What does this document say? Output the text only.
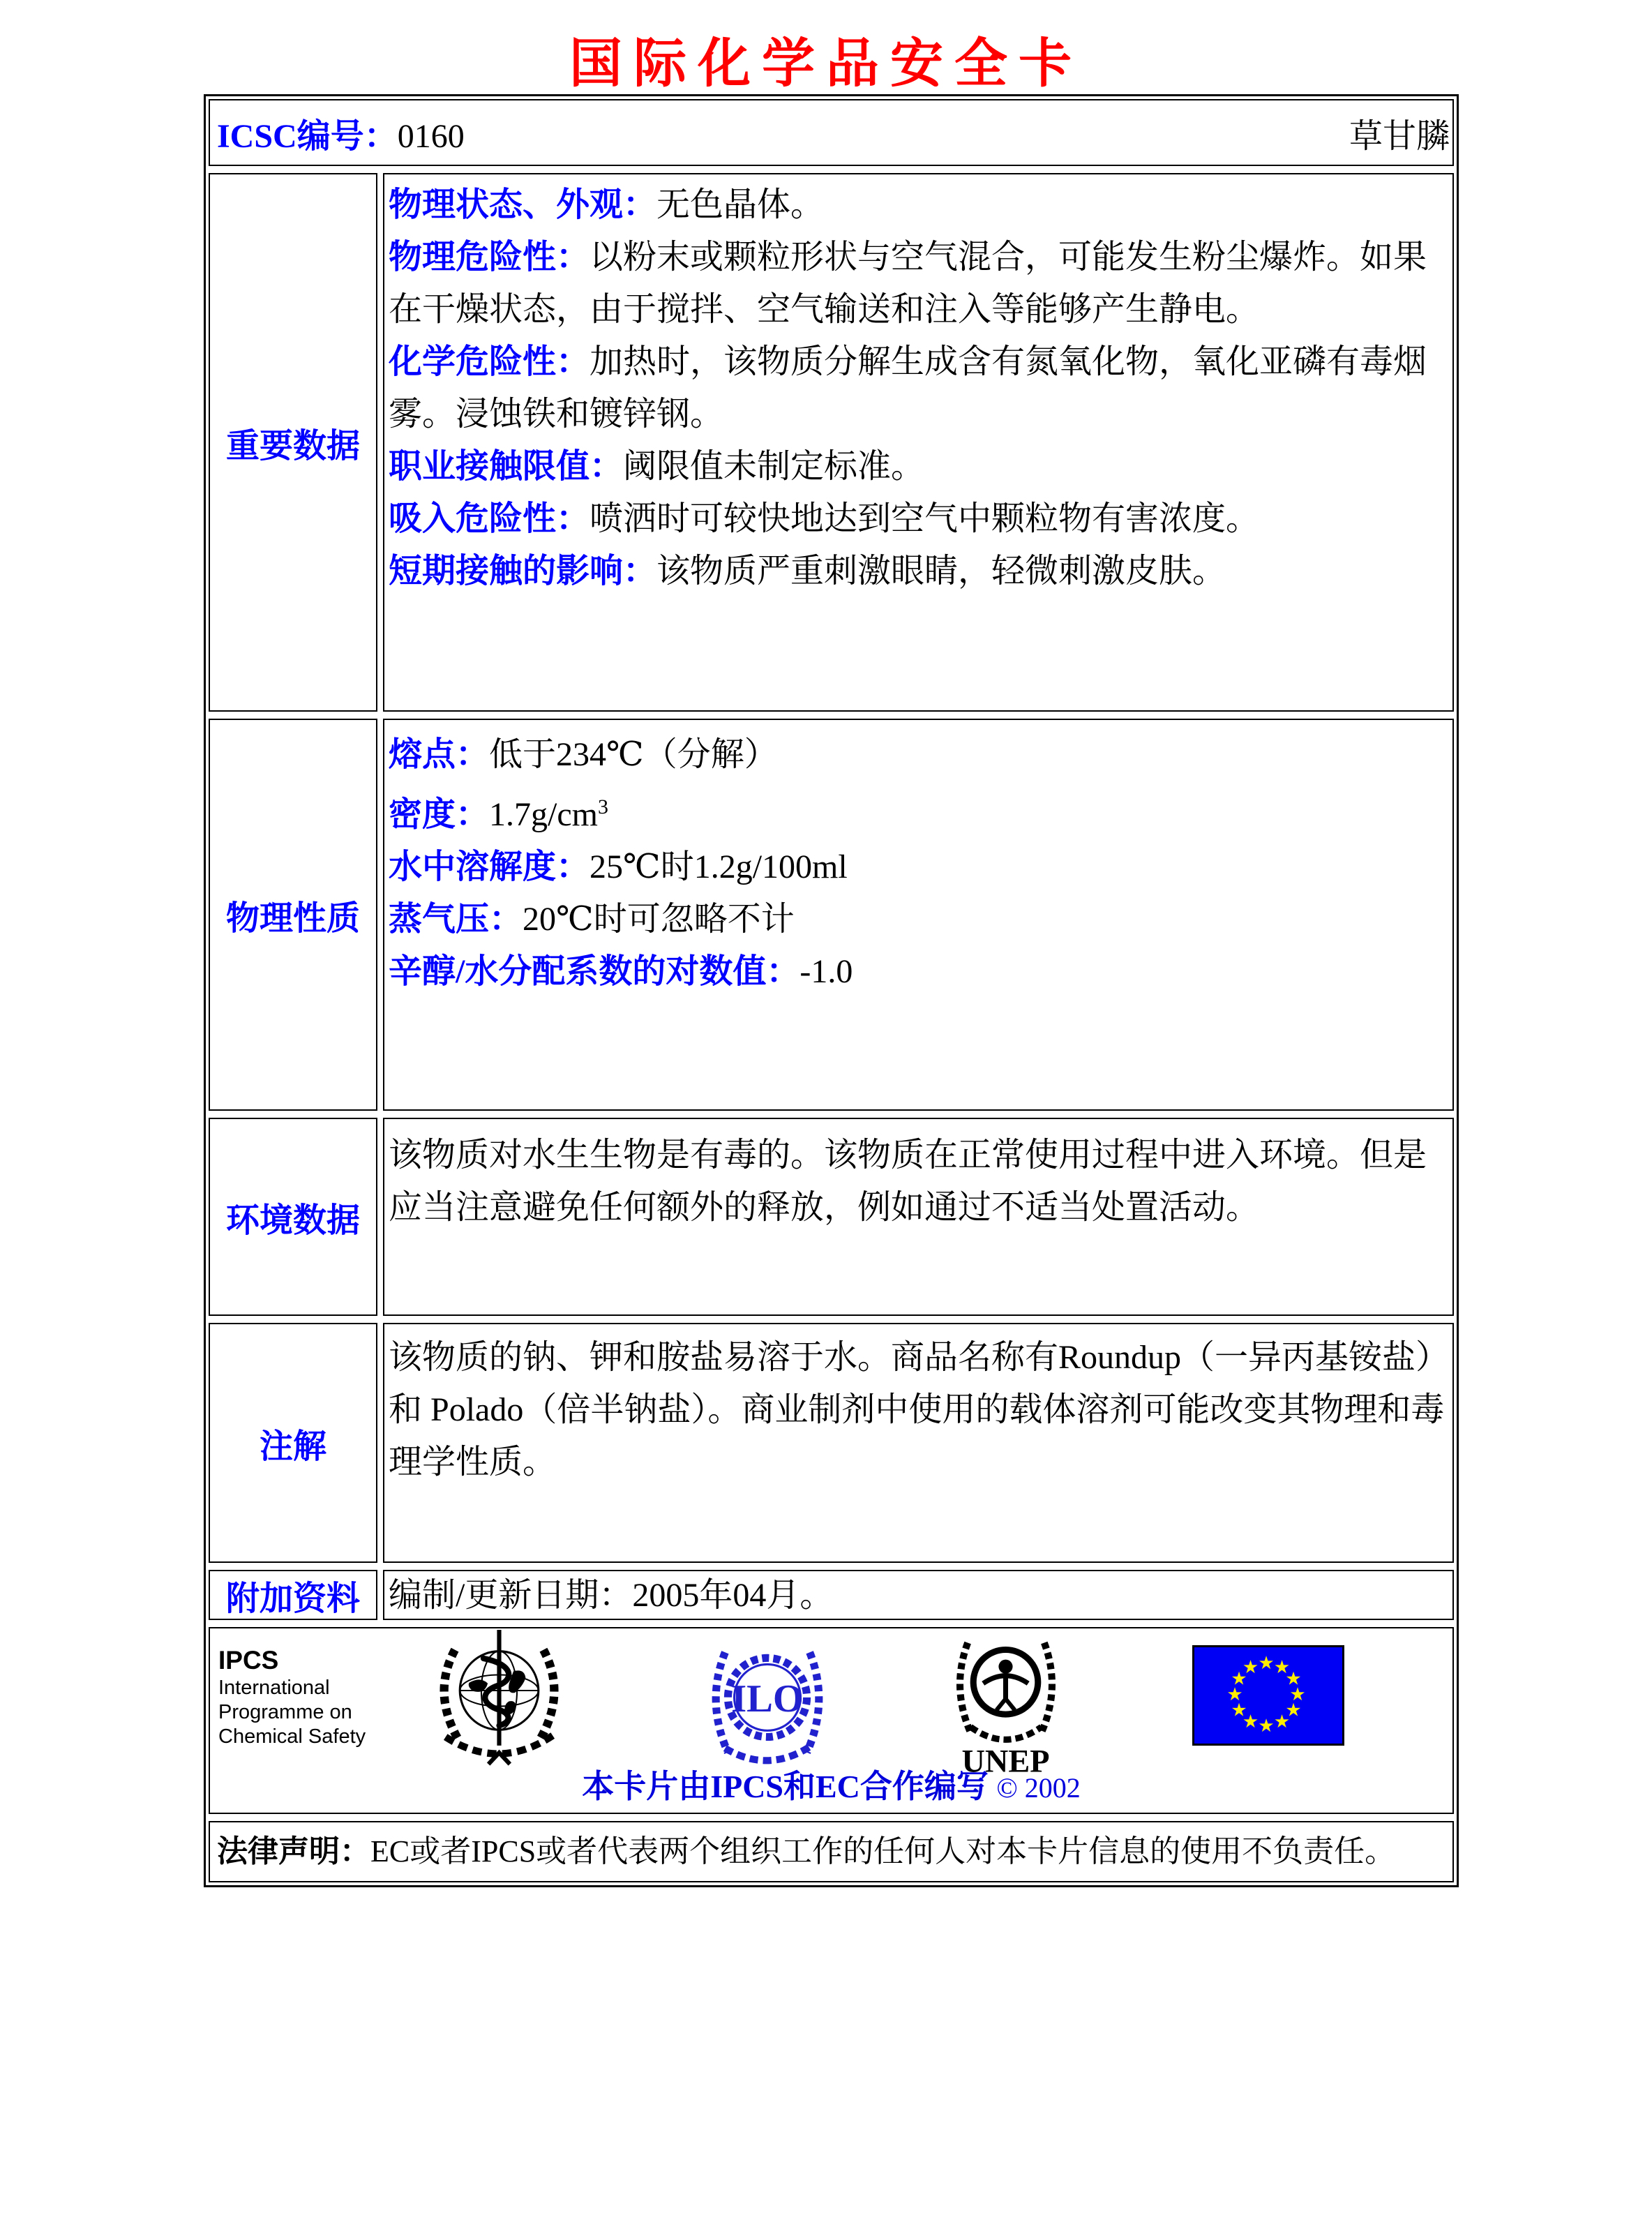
国际化学品安全卡
ICSC编号：0160	草甘膦
重要数据
物理状态、外观：无色晶体。
物理危险性：以粉末或颗粒形状与空气混合，可能发生粉尘爆炸。如果在干燥状态，由于搅拌、空气输送和注入等能够产生静电。
化学危险性：加热时，该物质分解生成含有氮氧化物，氧化亚磷有毒烟雾。浸蚀铁和镀锌钢。
职业接触限值：阈限值未制定标准。
吸入危险性：喷洒时可较快地达到空气中颗粒物有害浓度。
短期接触的影响：该物质严重刺激眼睛，轻微刺激皮肤。
物理性质
熔点：低于234℃（分解）
密度：$1.7g/cm^3$
水中溶解度：25℃时1.2g/100ml
蒸气压：20℃时可忽略不计
辛醇/水分配系数的对数值：-1.0
环境数据
该物质对水生生物是有毒的。该物质在正常使用过程中进入环境。但是应当注意避免任何额外的释放，例如通过不适当处置活动。
注解
该物质的钠、钾和胺盐易溶于水。商品名称有Roundup（一异丙基铵盐）和 Polado（倍半钠盐）。商业制剂中使用的载体溶剂可能改变其物理和毒理学性质。
附加资料 编制/更新日期：2005年04月。
IPCS
International
Programme on
Chemical Safety
ILO
UNEP
★ ★
★
★
★
★
★
★
★
★
★
★
本卡片由IPCS和EC合作编写 © 2002
法律声明： EC或者IPCS或者代表两个组织工作的任何人对本卡片信息的使用不负责任。
